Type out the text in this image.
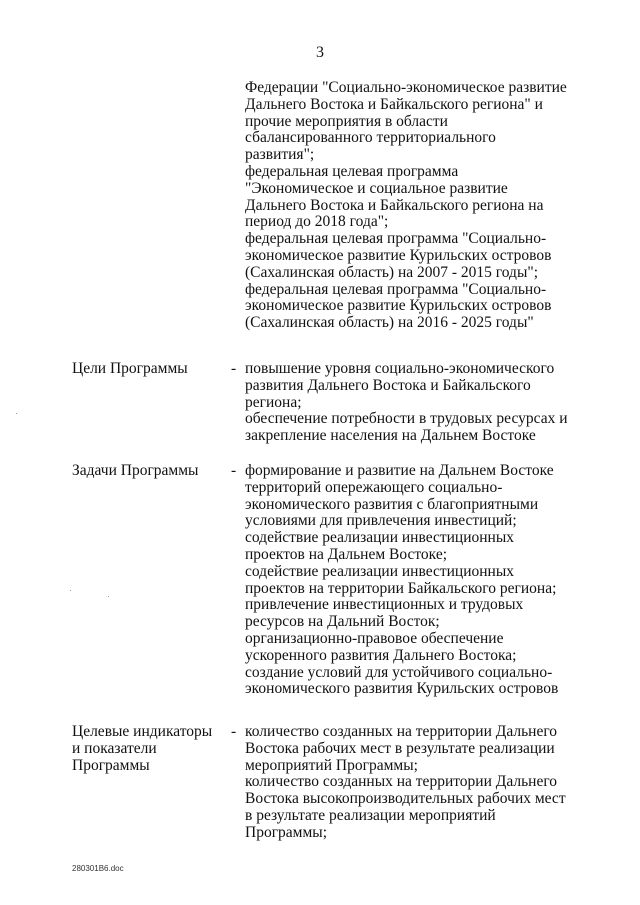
3
Федерации "Социально-экономическое развитие
Дальнего Востока и Байкальского региона" и
прочие мероприятия в области
сбалансированного территориального
развития";
федеральная целевая программа
"Экономическое и социальное развитие
Дальнего Востока и Байкальского региона на
период до 2018 года";
федеральная целевая программа "Социально-
экономическое развитие Курильских островов
(Сахалинская область) на 2007 - 2015 годы";
федеральная целевая программа "Социально-
экономическое развитие Курильских островов
(Сахалинская область) на 2016 - 2025 годы"
Цели Программы	- повышение уровня социально-экономического
развития Дальнего Востока и Байкальского
региона;
обеспечение потребности в трудовых ресурсах и
закрепление населения на Дальнем Востоке
Задачи Программы	- формирование и развитие на Дальнем Востоке
территорий опережающего социально-
экономического развития с благоприятными
условиями для привлечения инвестиций;
содействие реализации инвестиционных
проектов на Дальнем Востоке;
содействие реализации инвестиционных
проектов на территории Байкальского региона;
привлечение инвестиционных и трудовых
ресурсов на Дальний Восток;
организационно-правовое обеспечение
ускоренного развития Дальнего Востока;
создание условий для устойчивого социально-
экономического развития Курильских островов
Целевые индикаторы
и показатели
Программы
- количество созданных на территории Дальнего
Востока рабочих мест в результате реализации
мероприятий Программы;
количество созданных на территории Дальнего
Востока высокопроизводительных рабочих мест
в результате реализации мероприятий
Программы;
280301B6.doc
